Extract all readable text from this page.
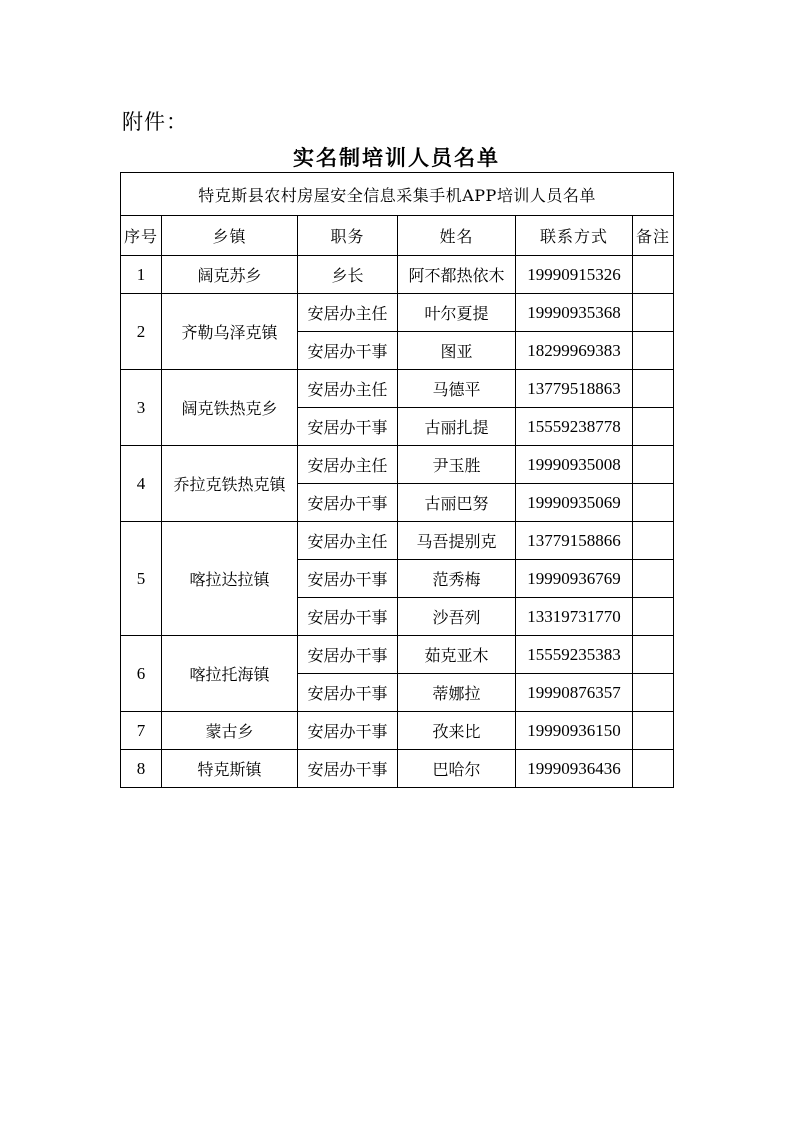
附件：
实名制培训人员名单
特克斯县农村房屋安全信息采集手机APP培训人员名单					
序号	乡镇	职务	姓名	联系方式	备注
1	阔克苏乡	乡长	阿不都热依木	19990915326	
2	齐勒乌泽克镇	安居办主任	叶尔夏提	19990935368	
		安居办干事	图亚	18299969383	
3	阔克铁热克乡	安居办主任	马德平	13779518863	
		安居办干事	古丽扎提	15559238778	
4	乔拉克铁热克镇	安居办主任	尹玉胜	19990935008	
		安居办干事	古丽巴努	19990935069	
5	喀拉达拉镇	安居办主任	马吾提别克	13779158866	
		安居办干事	范秀梅	19990936769	
		安居办干事	沙吾列	13319731770	
6	喀拉托海镇	安居办干事	茹克亚木	15559235383	
		安居办干事	蒂娜拉	19990876357	
7	蒙古乡	安居办干事	孜来比	19990936150	
8	特克斯镇	安居办干事	巴哈尔	19990936436	
